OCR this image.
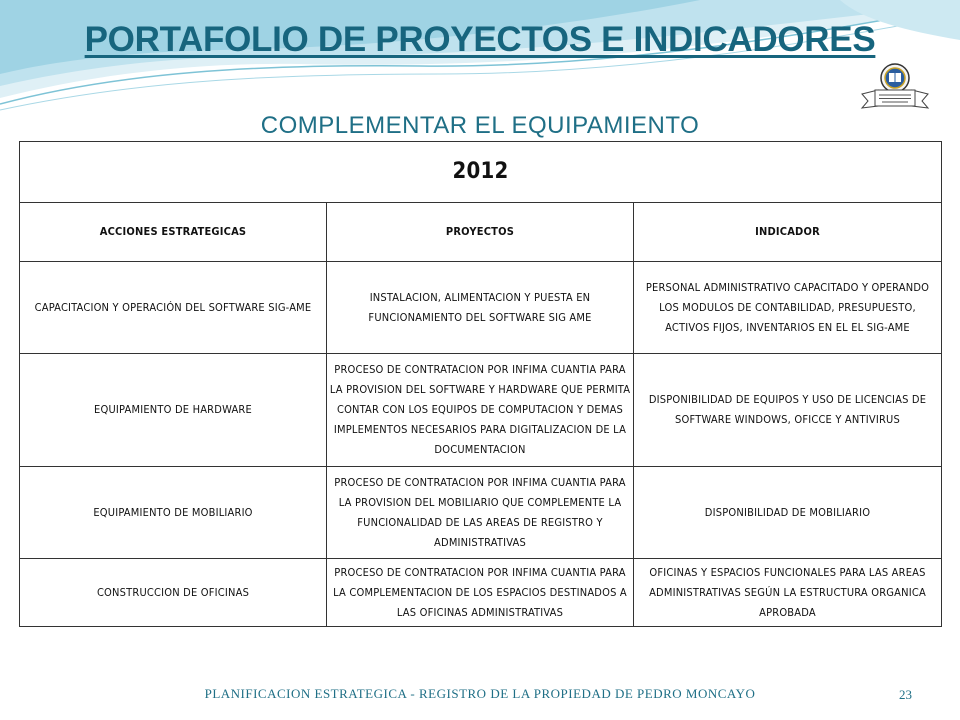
PORTAFOLIO DE PROYECTOS E INDICADORES
COMPLEMENTAR EL EQUIPAMIENTO
2012		
ACCIONES ESTRATEGICAS	PROYECTOS	INDICADOR
CAPACITACION Y OPERACIÓN DEL SOFTWARE SIG-AME	INSTALACION, ALIMENTACION Y PUESTA EN FUNCIONAMIENTO DEL SOFTWARE SIG AME	PERSONAL ADMINISTRATIVO CAPACITADO Y OPERANDO LOS MODULOS DE CONTABILIDAD, PRESUPUESTO, ACTIVOS FIJOS, INVENTARIOS EN EL EL SIG-AME
EQUIPAMIENTO DE HARDWARE	PROCESO DE CONTRATACION POR INFIMA CUANTIA PARA LA PROVISION DEL SOFTWARE Y HARDWARE QUE PERMITA CONTAR CON LOS EQUIPOS DE COMPUTACION Y DEMAS IMPLEMENTOS NECESARIOS PARA DIGITALIZACION DE LA DOCUMENTACION	DISPONIBILIDAD DE EQUIPOS Y USO DE LICENCIAS DE SOFTWARE WINDOWS, OFICCE Y ANTIVIRUS
EQUIPAMIENTO DE MOBILIARIO	PROCESO DE CONTRATACION POR INFIMA CUANTIA PARA LA PROVISION DEL MOBILIARIO QUE COMPLEMENTE LA FUNCIONALIDAD DE LAS AREAS DE REGISTRO Y ADMINISTRATIVAS	DISPONIBILIDAD DE MOBILIARIO
CONSTRUCCION DE OFICINAS	PROCESO DE CONTRATACION POR INFIMA CUANTIA PARA LA COMPLEMENTACION DE LOS ESPACIOS DESTINADOS A LAS OFICINAS ADMINISTRATIVAS	OFICINAS Y ESPACIOS FUNCIONALES PARA LAS AREAS ADMINISTRATIVAS SEGÚN LA ESTRUCTURA ORGANICA APROBADA
PLANIFICACION ESTRATEGICA - REGISTRO DE LA PROPIEDAD DE PEDRO MONCAYO	23
